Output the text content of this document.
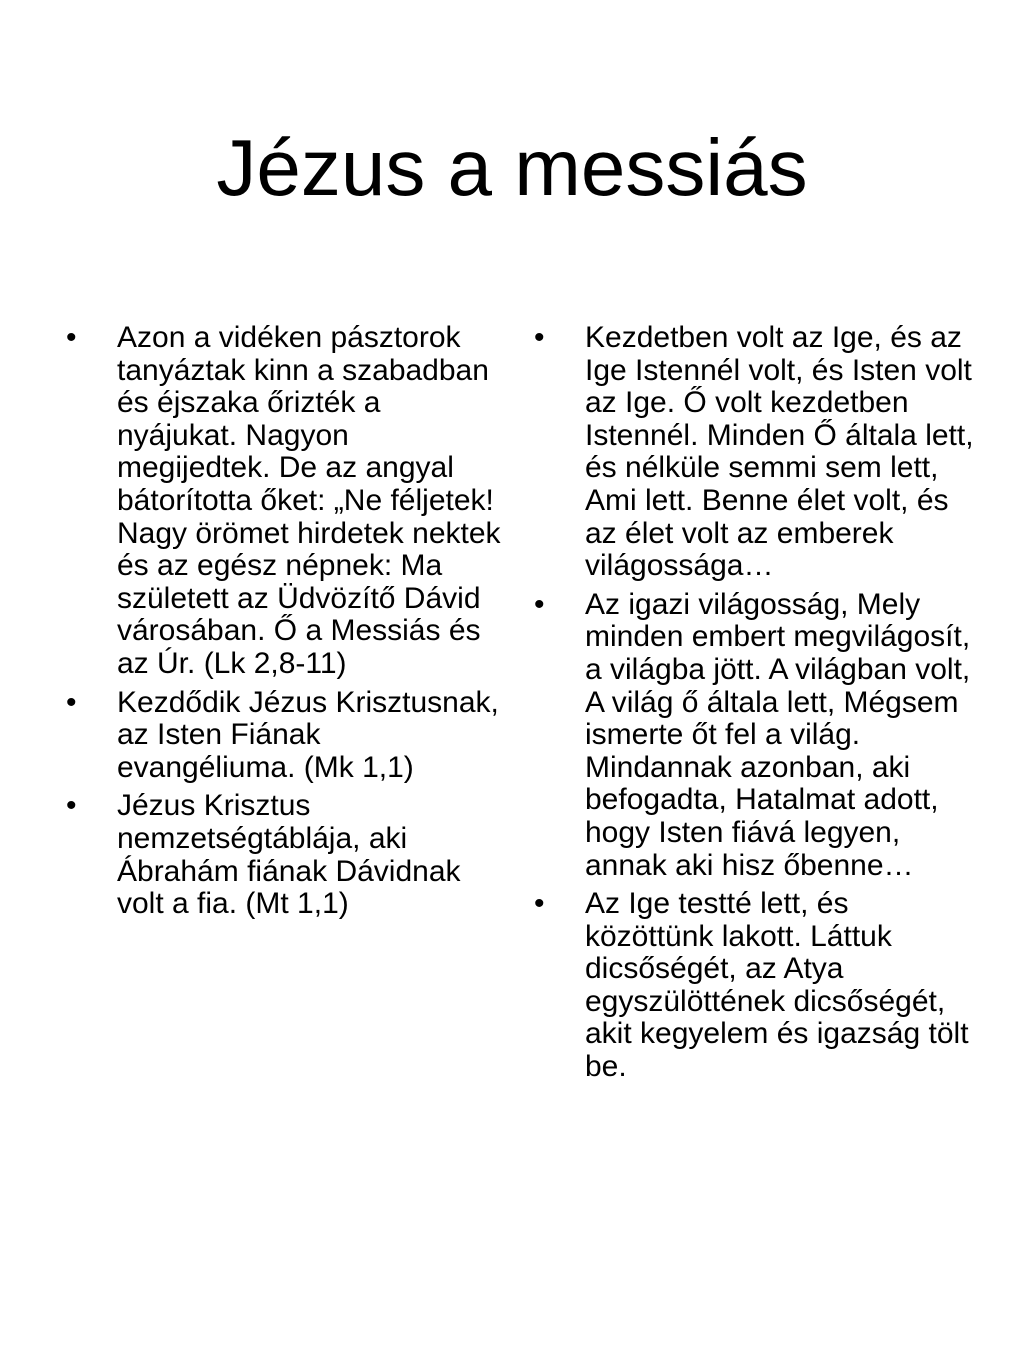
Jézus a messiás
•	Azon a vidéken pásztorok tanyáztak kinn a szabadban és éjszaka őrizték a nyájukat. Nagyon megijedtek. De az angyal bátorította őket: „Ne féljetek! Nagy örömet hirdetek nektek és az egész népnek: Ma született az Üdvözítő Dávid városában. Ő a Messiás és az Úr. (Lk 2,8-11)
•	Kezdődik Jézus Krisztusnak, az Isten Fiának evangéliuma. (Mk 1,1)
•	Jézus Krisztus nemzetségtáblája, aki Ábrahám fiának Dávidnak volt a fia. (Mt 1,1)
•	Kezdetben volt az Ige, és az Ige Istennél volt, és Isten volt az Ige. Ő volt kezdetben Istennél. Minden Ő általa lett, és nélküle semmi sem lett, Ami lett. Benne élet volt, és az élet volt az emberek világossága…
•	Az igazi világosság, Mely minden embert megvilágosít, a világba jött. A világban volt, A világ ő általa lett, Mégsem ismerte őt fel a világ. Mindannak azonban, aki befogadta, Hatalmat adott, hogy Isten fiává legyen, annak aki hisz őbenne…
•	Az Ige testté lett, és közöttünk lakott. Láttuk dicsőségét, az Atya egyszülöttének dicsőségét, akit kegyelem és igazság tölt be.
